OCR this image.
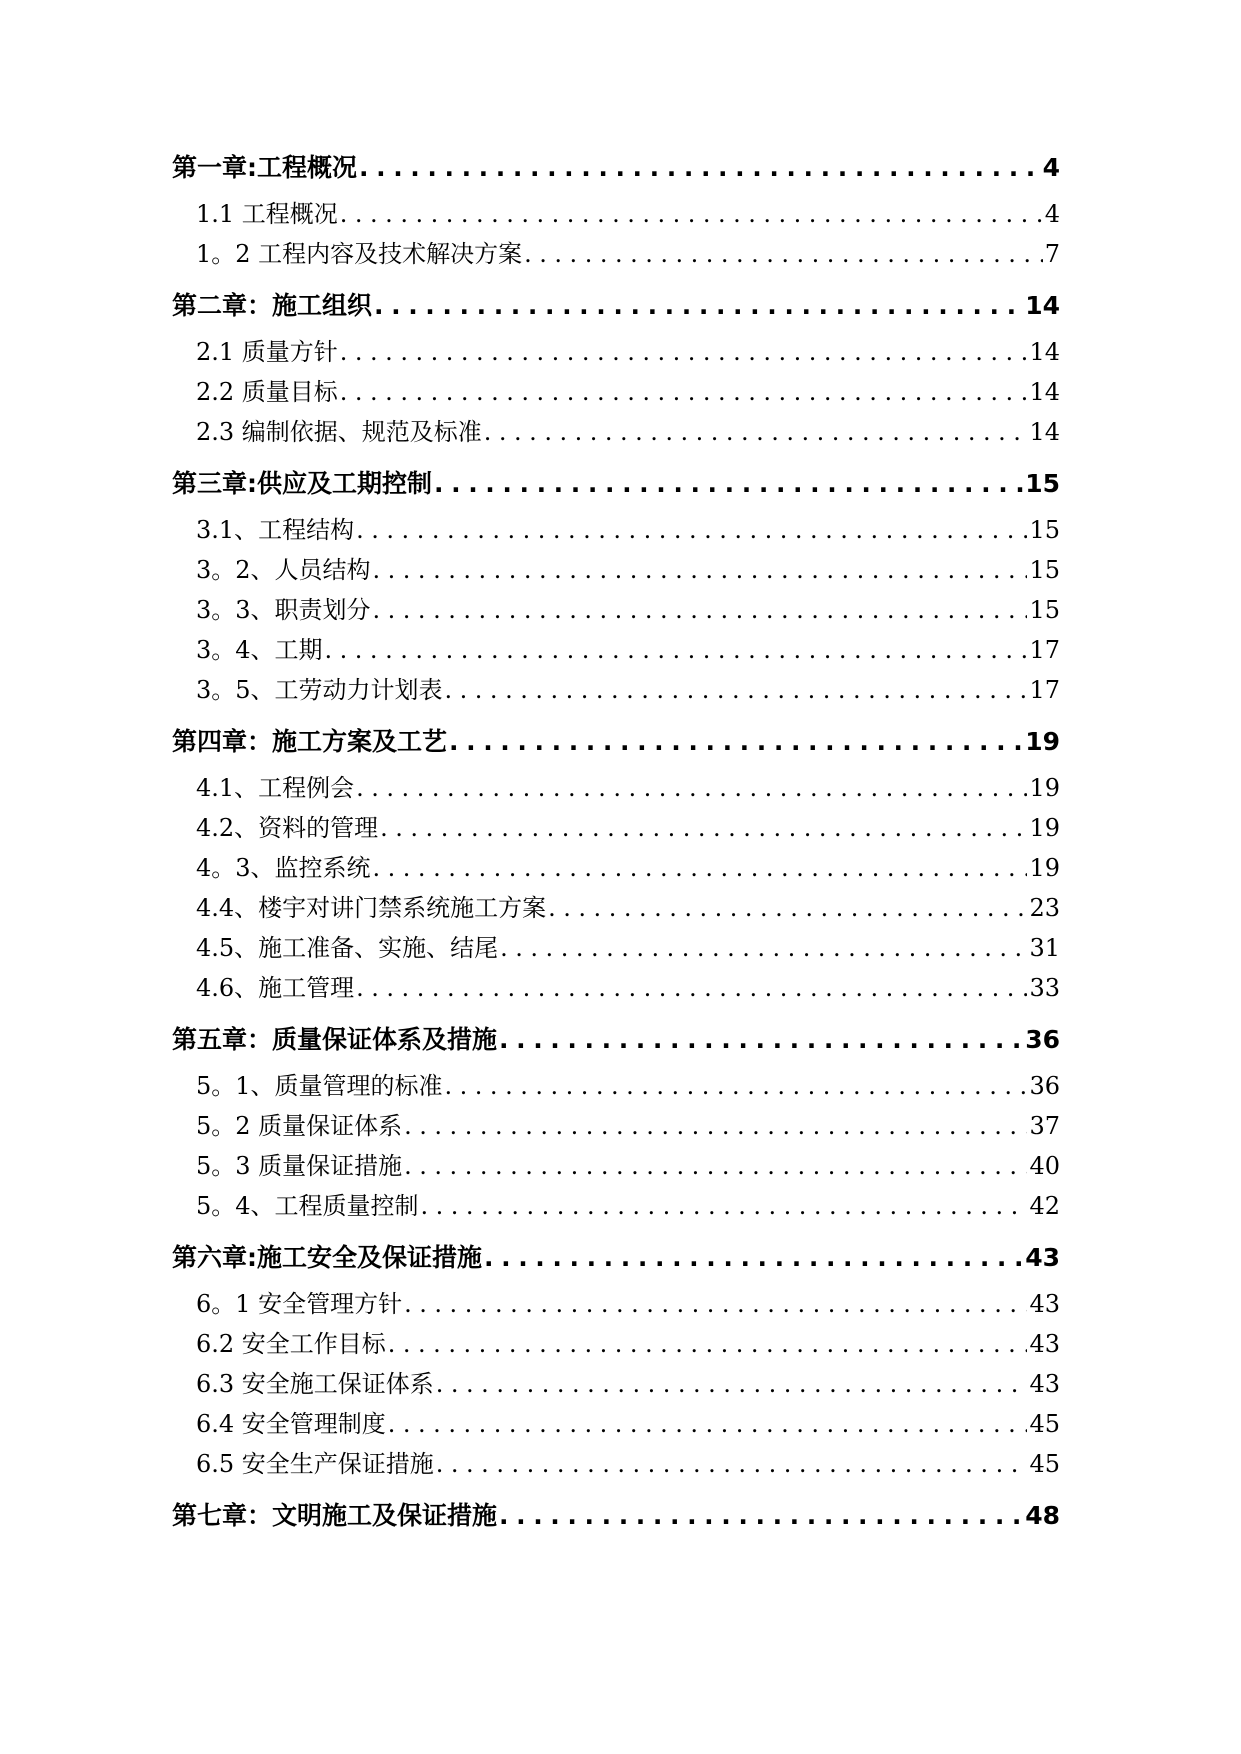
第一章:工程概况 .....	4
1.1 工程概况 .....	4
1。2 工程内容及技术解决方案 .....	7
第二章：施工组织 .....	14
2.1 质量方针 .....	14
2.2 质量目标 .....	14
2.3 编制依据、规范及标准 .....	14
第三章:供应及工期控制 .....	15
3.1、工程结构 .....	15
3。2、人员结构 .....	15
3。3、职责划分 .....	15
3。4、工期 .....	17
3。5、工劳动力计划表 .....	17
第四章：施工方案及工艺 .....	19
4.1、工程例会 .....	19
4.2、资料的管理 .....	19
4。3、监控系统 .....	19
4.4、楼宇对讲门禁系统施工方案 .....	23
4.5、施工准备、实施、结尾 .....	31
4.6、施工管理 .....	33
第五章：质量保证体系及措施 .....	36
5。1、质量管理的标准 .....	36
5。2 质量保证体系 .....	37
5。3 质量保证措施 .....	40
5。4、工程质量控制 .....	42
第六章:施工安全及保证措施 .....	43
6。1 安全管理方针 .....	43
6.2 安全工作目标 .....	43
6.3 安全施工保证体系 .....	43
6.4 安全管理制度 .....	45
6.5 安全生产保证措施 .....	45
第七章：文明施工及保证措施 .....	48
